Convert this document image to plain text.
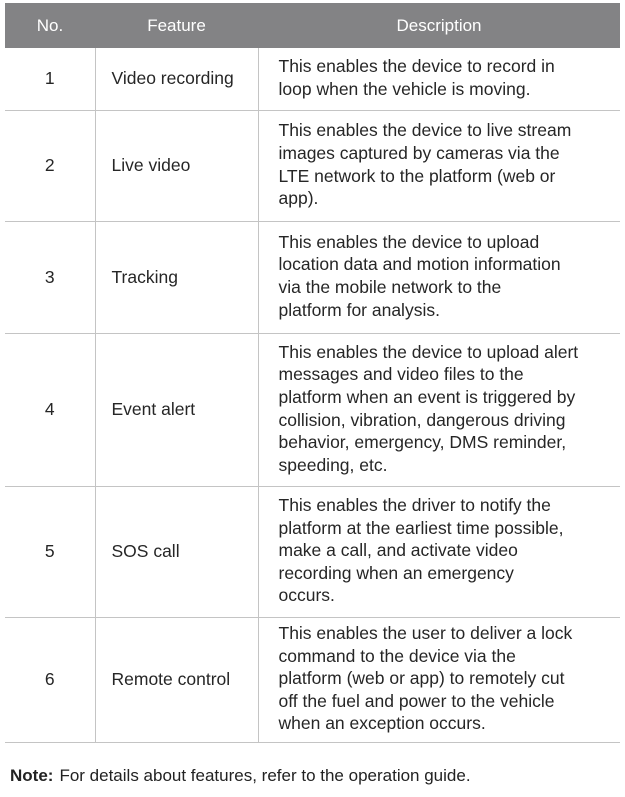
No.	Feature	Description
1	Video recording	This enables the device to record in
loop when the vehicle is moving.

2	Live video	This enables the device to live stream
images captured by cameras via the
LTE network to the platform (web or
app).

3	Tracking	This enables the device to upload
location data and motion information
via the mobile network to the
platform for analysis.

4	Event alert	
This enables the device to upload alert
messages and video files to the
platform when an event is triggered by
collision, vibration, dangerous driving
behavior, emergency, DMS reminder,
speeding, etc.

5	SOS call	This enables the driver to notify the
platform at the earliest time possible,
make a call, and activate video
recording when an emergency
occurs.

6	Remote control	This enables the user to deliver a lock
command to the device via the
platform (web or app) to remotely cut
off the fuel and power to the vehicle
when an exception occurs.
Note: For details about features, refer to the operation guide.
